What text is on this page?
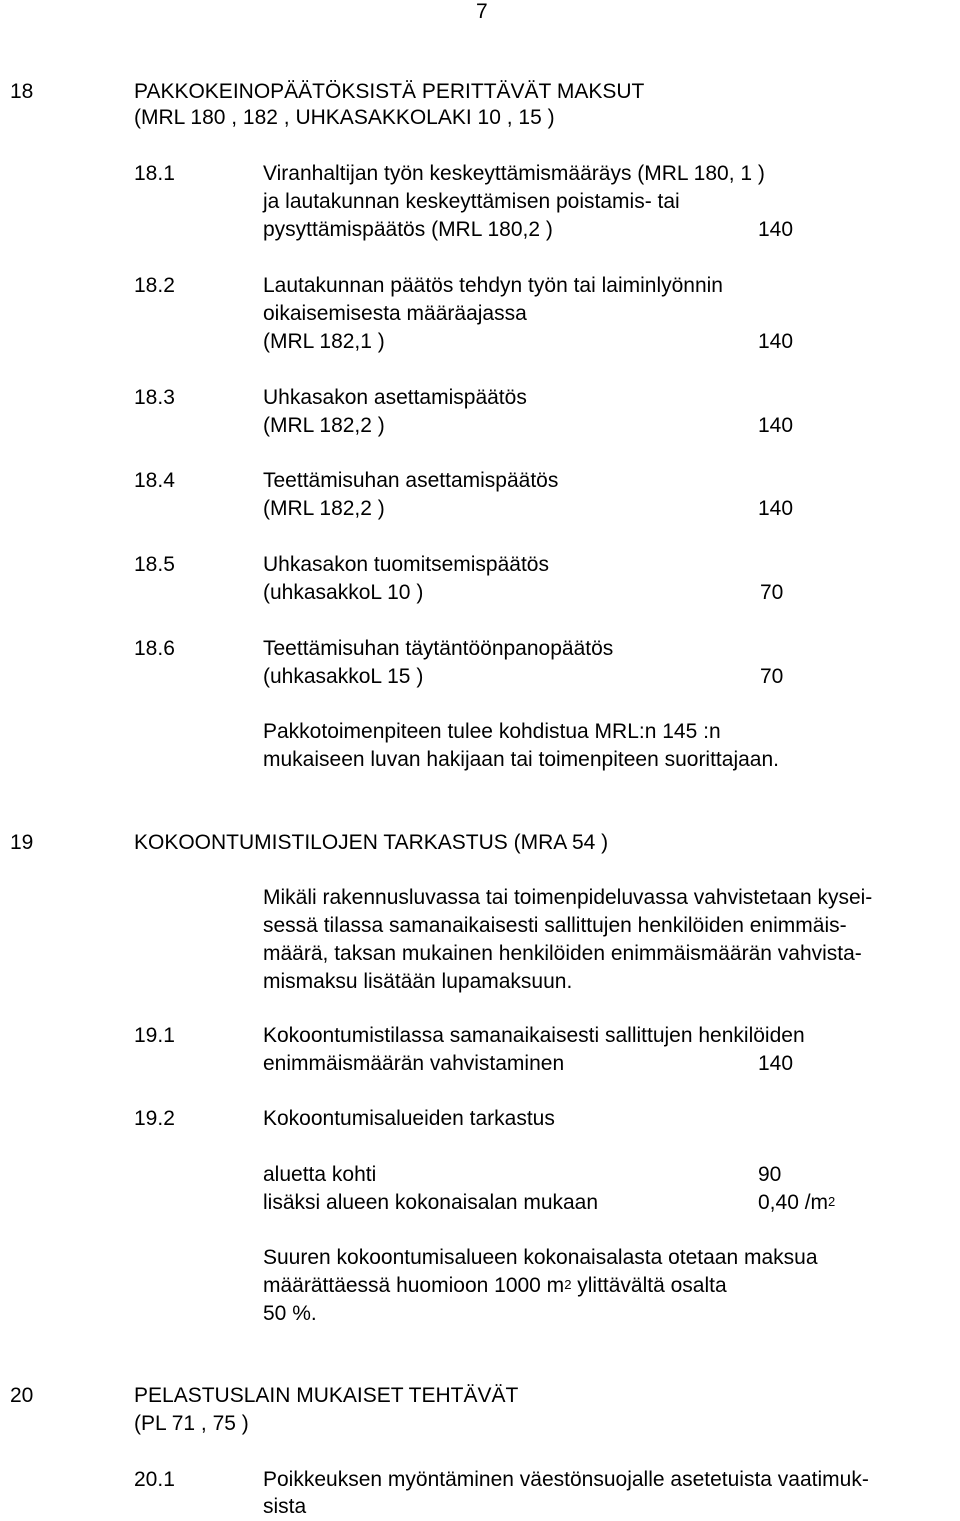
7
18	PAKKOKEINOPÄÄTÖKSISTÄ PERITTÄVÄT MAKSUT
(MRL 180 , 182 , UHKASAKKOLAKI 10 , 15 )
18.1	Viranhaltijan työn keskeyttämismääräys (MRL 180, 1 )
ja lautakunnan keskeyttämisen poistamis- tai
pysyttämispäätös (MRL 180,2 )	140
18.2	Lautakunnan päätös tehdyn työn tai laiminlyönnin
oikaisemisesta määräajassa
(MRL 182,1 )	140
18.3	Uhkasakon asettamispäätös
(MRL 182,2 )	140
18.4	Teettämisuhan asettamispäätös
(MRL 182,2 )	140
18.5	Uhkasakon tuomitsemispäätös
(uhkasakkoL 10 )	70
18.6	Teettämisuhan täytäntöönpanopäätös
(uhkasakkoL 15 )	70
Pakkotoimenpiteen tulee kohdistua MRL:n 145 :n
mukaiseen luvan hakijaan tai toimenpiteen suorittajaan.
19	KOKOONTUMISTILOJEN TARKASTUS (MRA 54 )
Mikäli rakennusluvassa tai toimenpideluvassa vahvistetaan kysei-
sessä tilassa samanaikaisesti sallittujen henkilöiden enimmäis-
määrä, taksan mukainen henkilöiden enimmäismäärän vahvista-
mismaksu lisätään lupamaksuun.
19.1	Kokoontumistilassa samanaikaisesti sallittujen henkilöiden
enimmäismäärän vahvistaminen	140
19.2	Kokoontumisalueiden tarkastus
aluetta kohti	90
lisäksi alueen kokonaisalan mukaan	0,40 $/m^2$
Suuren kokoontumisalueen kokonaisalasta otetaan maksua
määrättäessä huomioon 1000 $m^2$ ylittävältä osalta
50 %.
20	PELASTUSLAIN MUKAISET TEHTÄVÄT
(PL 71 , 75 )
20.1	Poikkeuksen myöntäminen väestönsuojalle asetetuista vaatimuk-
sista
